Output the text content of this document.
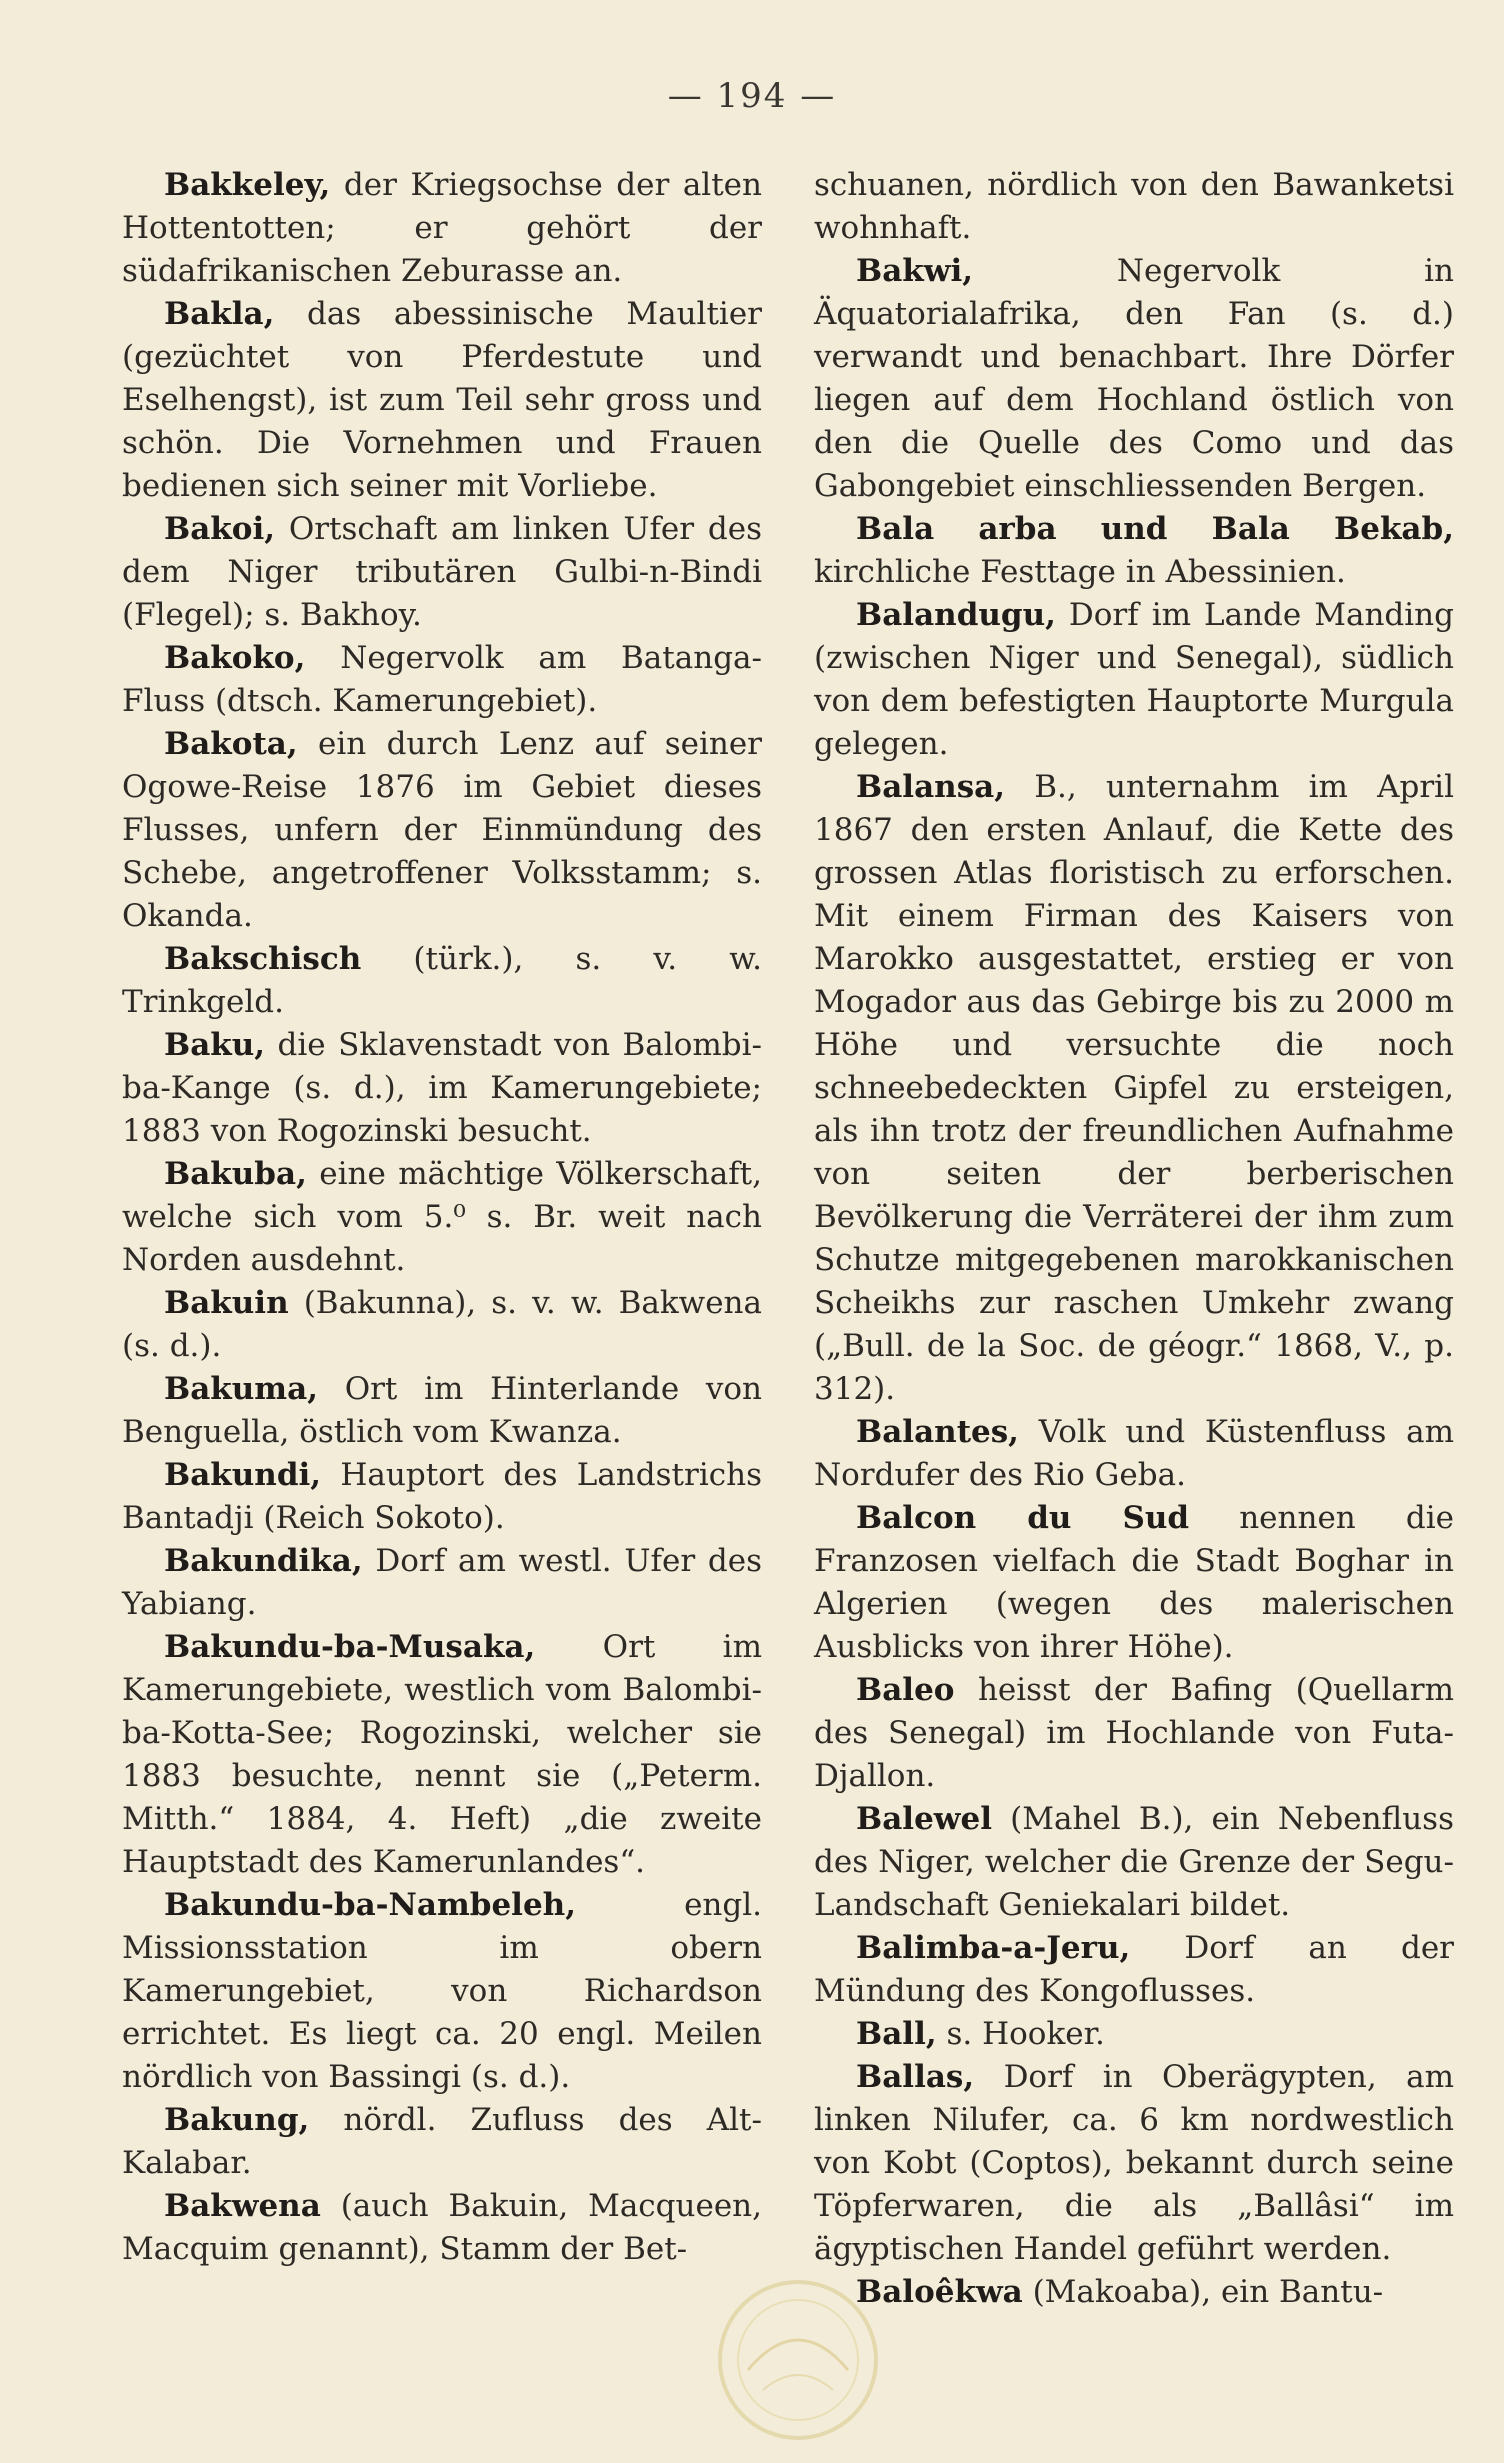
— 194 —

Bakkeley, der Kriegsochse der alten Hottentotten; er gehört der südafrikanischen Zeburasse an.

Bakla, das abessinische Maultier (gezüchtet von Pferdestute und Eselhengst), ist zum Teil sehr gross und schön. Die Vornehmen und Frauen bedienen sich seiner mit Vorliebe.

Bakoi, Ortschaft am linken Ufer des dem Niger tributären Gulbi-n-Bindi (Flegel); s. Bakhoy.

Bakoko, Negervolk am Batanga-Fluss (dtsch. Kamerungebiet).

Bakota, ein durch Lenz auf seiner Ogowe-Reise 1876 im Gebiet dieses Flusses, unfern der Einmündung des Schebe, angetroffener Volksstamm; s. Okanda.

Bakschisch (türk.), s. v. w. Trinkgeld.

Baku, die Sklavenstadt von Balombi-ba-Kange (s. d.), im Kamerungebiete; 1883 von Rogozinski besucht.

Bakuba, eine mächtige Völkerschaft, welche sich vom 5.⁰ s. Br. weit nach Norden ausdehnt.

Bakuin (Bakunna), s. v. w. Bakwena (s. d.).

Bakuma, Ort im Hinterlande von Benguella, östlich vom Kwanza.

Bakundi, Hauptort des Landstrichs Bantadji (Reich Sokoto).

Bakundika, Dorf am westl. Ufer des Yabiang.

Bakundu-ba-Musaka, Ort im Kamerungebiete, westlich vom Balombi-ba-Kotta-See; Rogozinski, welcher sie 1883 besuchte, nennt sie („Peterm. Mitth.“ 1884, 4. Heft) „die zweite Hauptstadt des Kamerunlandes“.

Bakundu-ba-Nambeleh, engl. Missionsstation im obern Kamerungebiet, von Richardson errichtet. Es liegt ca. 20 engl. Meilen nördlich von Bassingi (s. d.).

Bakung, nördl. Zufluss des Alt-Kalabar.

Bakwena (auch Bakuin, Macqueen, Macquim genannt), Stamm der Bet-

schuanen, nördlich von den Bawanketsi wohnhaft.

Bakwi, Negervolk in Äquatorialafrika, den Fan (s. d.) verwandt und benachbart. Ihre Dörfer liegen auf dem Hochland östlich von den die Quelle des Como und das Gabongebiet einschliessenden Bergen.

Bala arba und Bala Bekab, kirchliche Festtage in Abessinien.

Balandugu, Dorf im Lande Manding (zwischen Niger und Senegal), südlich von dem befestigten Hauptorte Murgula gelegen.

Balansa, B., unternahm im April 1867 den ersten Anlauf, die Kette des grossen Atlas floristisch zu erforschen. Mit einem Firman des Kaisers von Marokko ausgestattet, erstieg er von Mogador aus das Gebirge bis zu 2000 m Höhe und versuchte die noch schneebedeckten Gipfel zu ersteigen, als ihn trotz der freundlichen Aufnahme von seiten der berberischen Bevölkerung die Verräterei der ihm zum Schutze mitgegebenen marokkanischen Scheikhs zur raschen Umkehr zwang („Bull. de la Soc. de géogr.“ 1868, V., p. 312).

Balantes, Volk und Küstenfluss am Nordufer des Rio Geba.

Balcon du Sud nennen die Franzosen vielfach die Stadt Boghar in Algerien (wegen des malerischen Ausblicks von ihrer Höhe).

Baleo heisst der Bafing (Quellarm des Senegal) im Hochlande von Futa-Djallon.

Balewel (Mahel B.), ein Nebenfluss des Niger, welcher die Grenze der Segu-Landschaft Geniekalari bildet.

Balimba-a-Jeru, Dorf an der Mündung des Kongoflusses.

Ball, s. Hooker.

Ballas, Dorf in Oberägypten, am linken Nilufer, ca. 6 km nordwestlich von Kobt (Coptos), bekannt durch seine Töpferwaren, die als „Ballâsi“ im ägyptischen Handel geführt werden.

Baloêkwa (Makoaba), ein Bantu-
